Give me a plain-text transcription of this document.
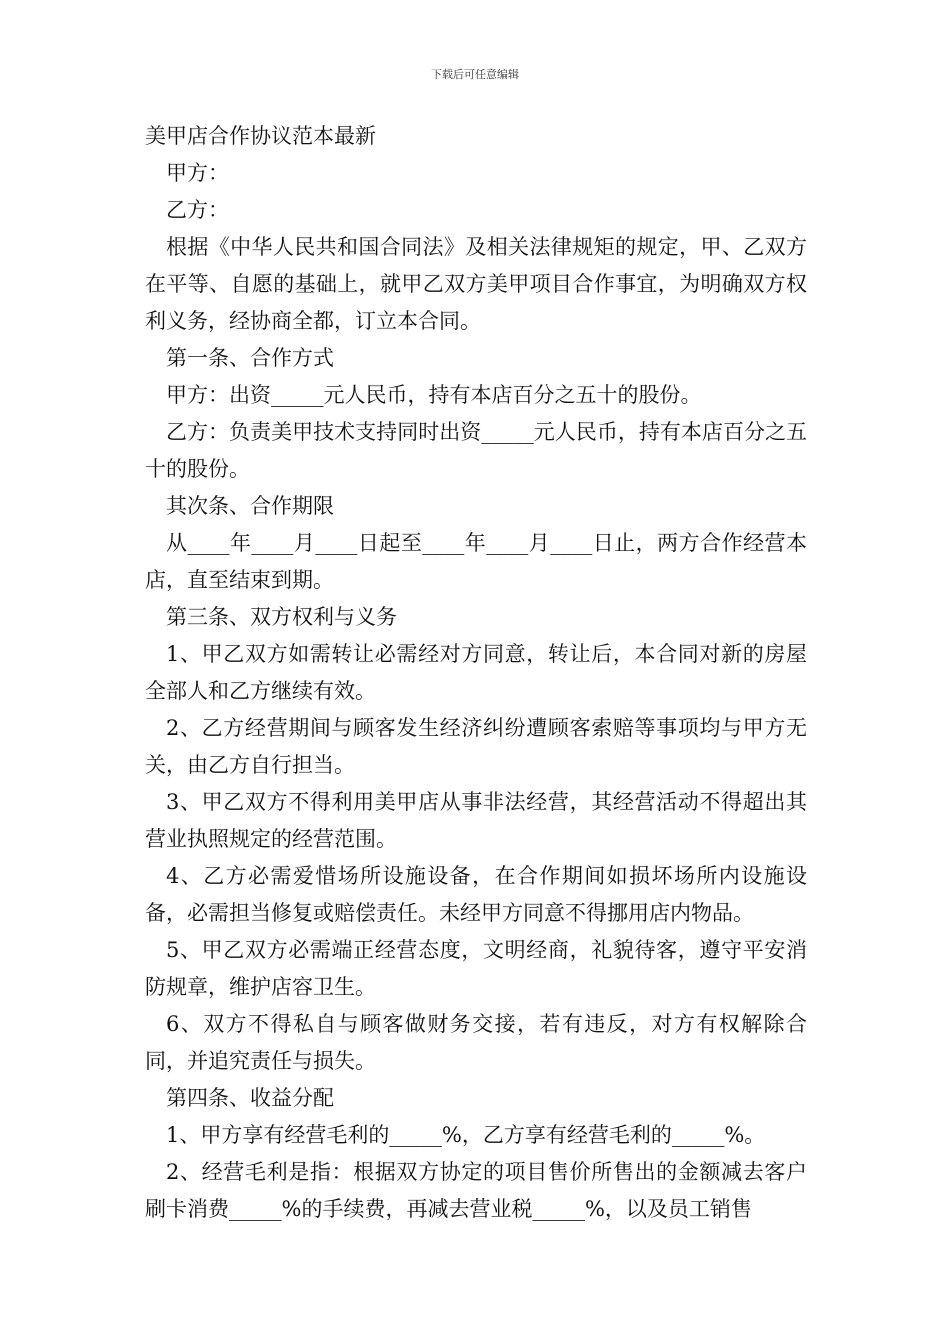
下载后可任意编辑

美甲店合作协议范本最新

甲方：

乙方：

根据《中华人民共和国合同法》及相关法律规矩的规定，甲、乙双方在平等、自愿的基础上，就甲乙双方美甲项目合作事宜，为明确双方权利义务，经协商全都，订立本合同。

第一条、合作方式

甲方：出资_____元人民币，持有本店百分之五十的股份。

乙方：负责美甲技术支持同时出资_____元人民币，持有本店百分之五十的股份。

其次条、合作期限

从____年____月____日起至____年____月____日止，两方合作经营本店，直至结束到期。

第三条、双方权利与义务

1、甲乙双方如需转让必需经对方同意，转让后，本合同对新的房屋全部人和乙方继续有效。

2、乙方经营期间与顾客发生经济纠纷遭顾客索赔等事项均与甲方无关，由乙方自行担当。

3、甲乙双方不得利用美甲店从事非法经营，其经营活动不得超出其营业执照规定的经营范围。

4、乙方必需爱惜场所设施设备，在合作期间如损坏场所内设施设备，必需担当修复或赔偿责任。未经甲方同意不得挪用店内物品。

5、甲乙双方必需端正经营态度，文明经商，礼貌待客，遵守平安消防规章，维护店容卫生。

6、双方不得私自与顾客做财务交接，若有违反，对方有权解除合同，并追究责任与损失。

第四条、收益分配

1、甲方享有经营毛利的_____%，乙方享有经营毛利的_____%。

2、经营毛利是指：根据双方协定的项目售价所售出的金额减去客户刷卡消费_____%的手续费，再减去营业税_____%，以及员工销售
